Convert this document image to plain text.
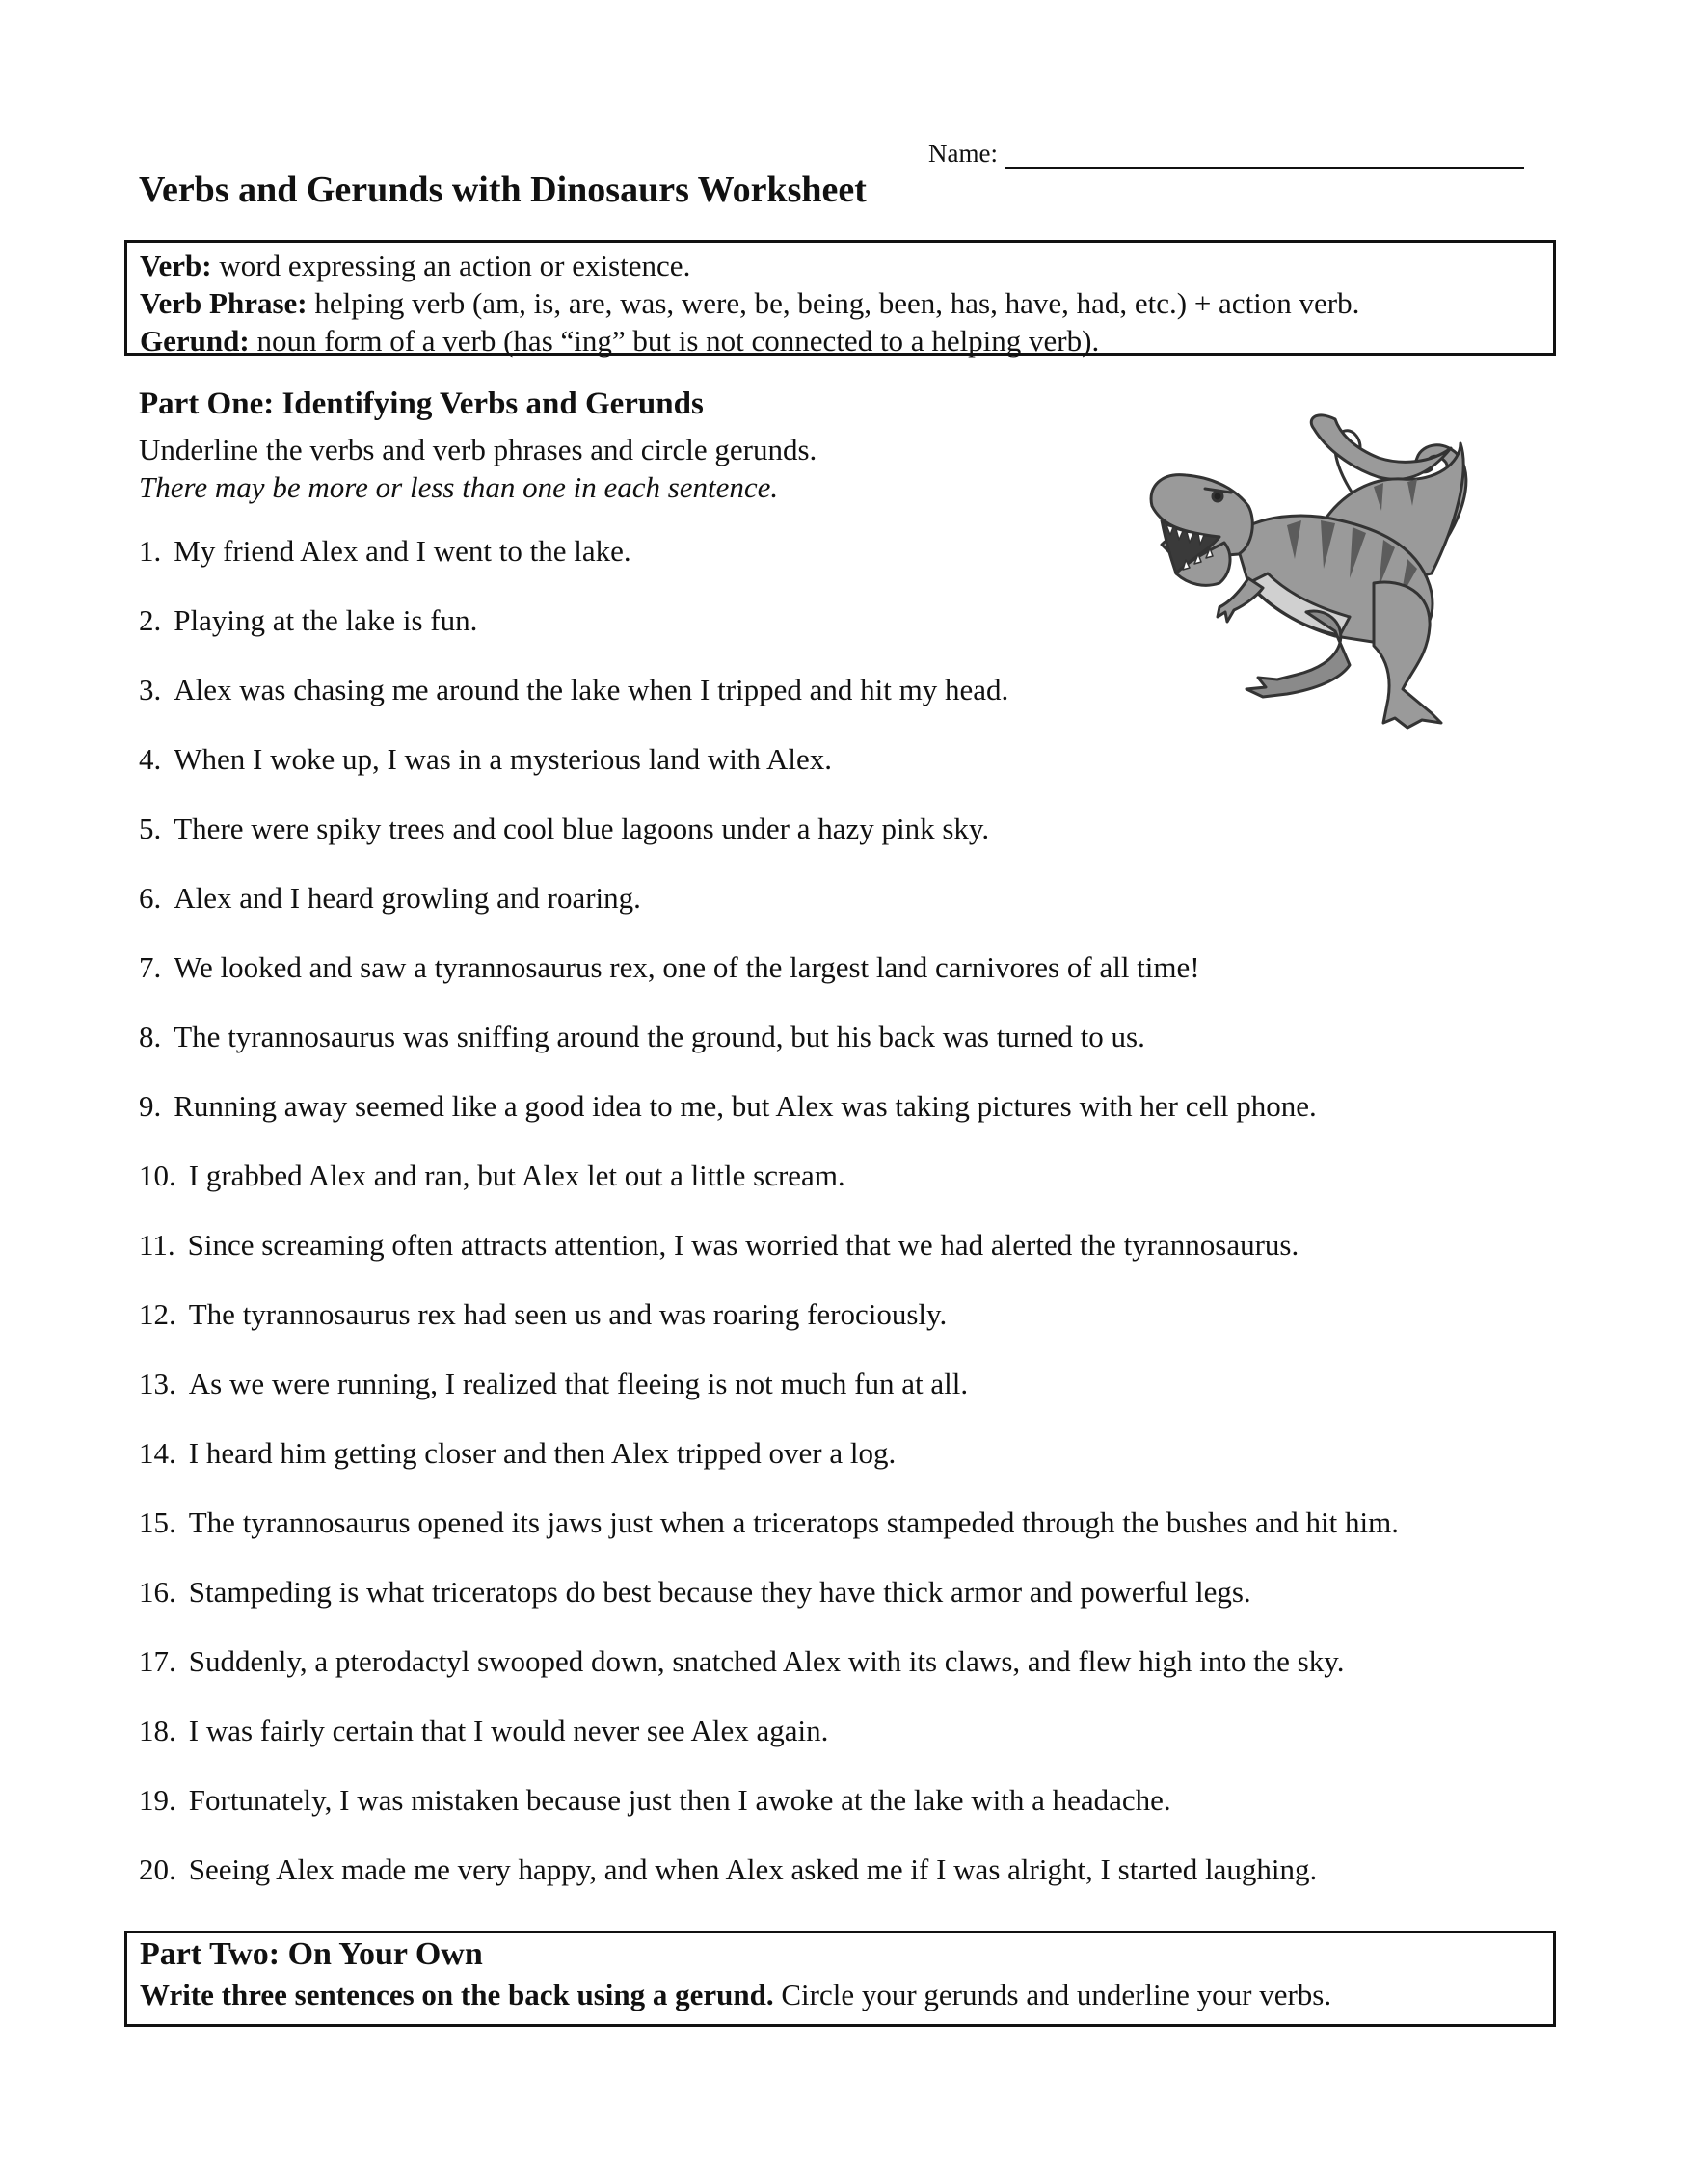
Name:
Verbs and Gerunds with Dinosaurs Worksheet
Verb: word expressing an action or existence.
Verb Phrase: helping verb (am, is, are, was, were, be, being, been, has, have, had, etc.) + action verb.
Gerund: noun form of a verb (has “ing” but is not connected to a helping verb).
Part One: Identifying Verbs and Gerunds
Underline the verbs and verb phrases and circle gerunds.
There may be more or less than one in each sentence.
1. My friend Alex and I went to the lake.
2. Playing at the lake is fun.
3. Alex was chasing me around the lake when I tripped and hit my head.
4. When I woke up, I was in a mysterious land with Alex.
5. There were spiky trees and cool blue lagoons under a hazy pink sky.
6. Alex and I heard growling and roaring.
7. We looked and saw a tyrannosaurus rex, one of the largest land carnivores of all time!
8. The tyrannosaurus was sniffing around the ground, but his back was turned to us.
9. Running away seemed like a good idea to me, but Alex was taking pictures with her cell phone.
10. I grabbed Alex and ran, but Alex let out a little scream.
11. Since screaming often attracts attention, I was worried that we had alerted the tyrannosaurus.
12. The tyrannosaurus rex had seen us and was roaring ferociously.
13. As we were running, I realized that fleeing is not much fun at all.
14. I heard him getting closer and then Alex tripped over a log.
15. The tyrannosaurus opened its jaws just when a triceratops stampeded through the bushes and hit him.
16. Stampeding is what triceratops do best because they have thick armor and powerful legs.
17. Suddenly, a pterodactyl swooped down, snatched Alex with its claws, and flew high into the sky.
18. I was fairly certain that I would never see Alex again.
19. Fortunately, I was mistaken because just then I awoke at the lake with a headache.
20. Seeing Alex made me very happy, and when Alex asked me if I was alright, I started laughing.
Part Two: On Your Own
Write three sentences on the back using a gerund. Circle your gerunds and underline your verbs.
